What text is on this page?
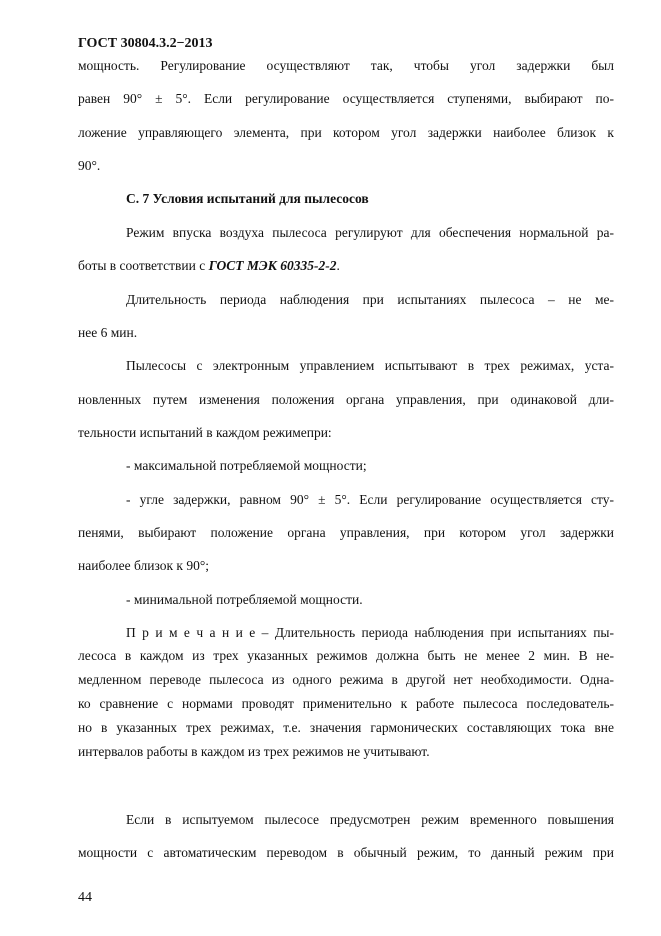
ГОСТ 30804.3.2−2013
мощность. Регулирование осуществляют так, чтобы угол задержки был
равен 90° ± 5°. Если регулирование осуществляется ступенями, выбирают по-
ложение управляющего элемента, при котором угол задержки наиболее близок к
90°.
С. 7 Условия испытаний для пылесосов
Режим впуска воздуха пылесоса регулируют для обеспечения нормальной ра-
боты в соответствии с ГОСТ МЭК 60335-2-2.
Длительность периода наблюдения при испытаниях пылесоса – не ме-
нее 6 мин.
Пылесосы с электронным управлением испытывают в трех режимах, уста-
новленных путем изменения положения органа управления, при одинаковой дли-
тельности испытаний в каждом режимепри:
- максимальной потребляемой мощности;
- угле задержки, равном 90° ± 5°. Если регулирование осуществляется сту-
пенями, выбирают положение органа управления, при котором угол задержки
наиболее близок к 90°;
- минимальной потребляемой мощности.
П р и м е ч а н и е – Длительность периода наблюдения при испытаниях пы-
лесоса в каждом из трех указанных режимов должна быть не менее 2 мин. В не-
медленном переводе пылесоса из одного режима в другой нет необходимости. Одна-
ко сравнение с нормами проводят применительно к работе пылесоса последователь-
но в указанных трех режимах, т.е. значения гармонических составляющих тока вне
интервалов работы в каждом из трех режимов не учитывают.
Если в испытуемом пылесосе предусмотрен режим временного повышения
мощности с автоматическим переводом в обычный режим, то данный режим при
44
